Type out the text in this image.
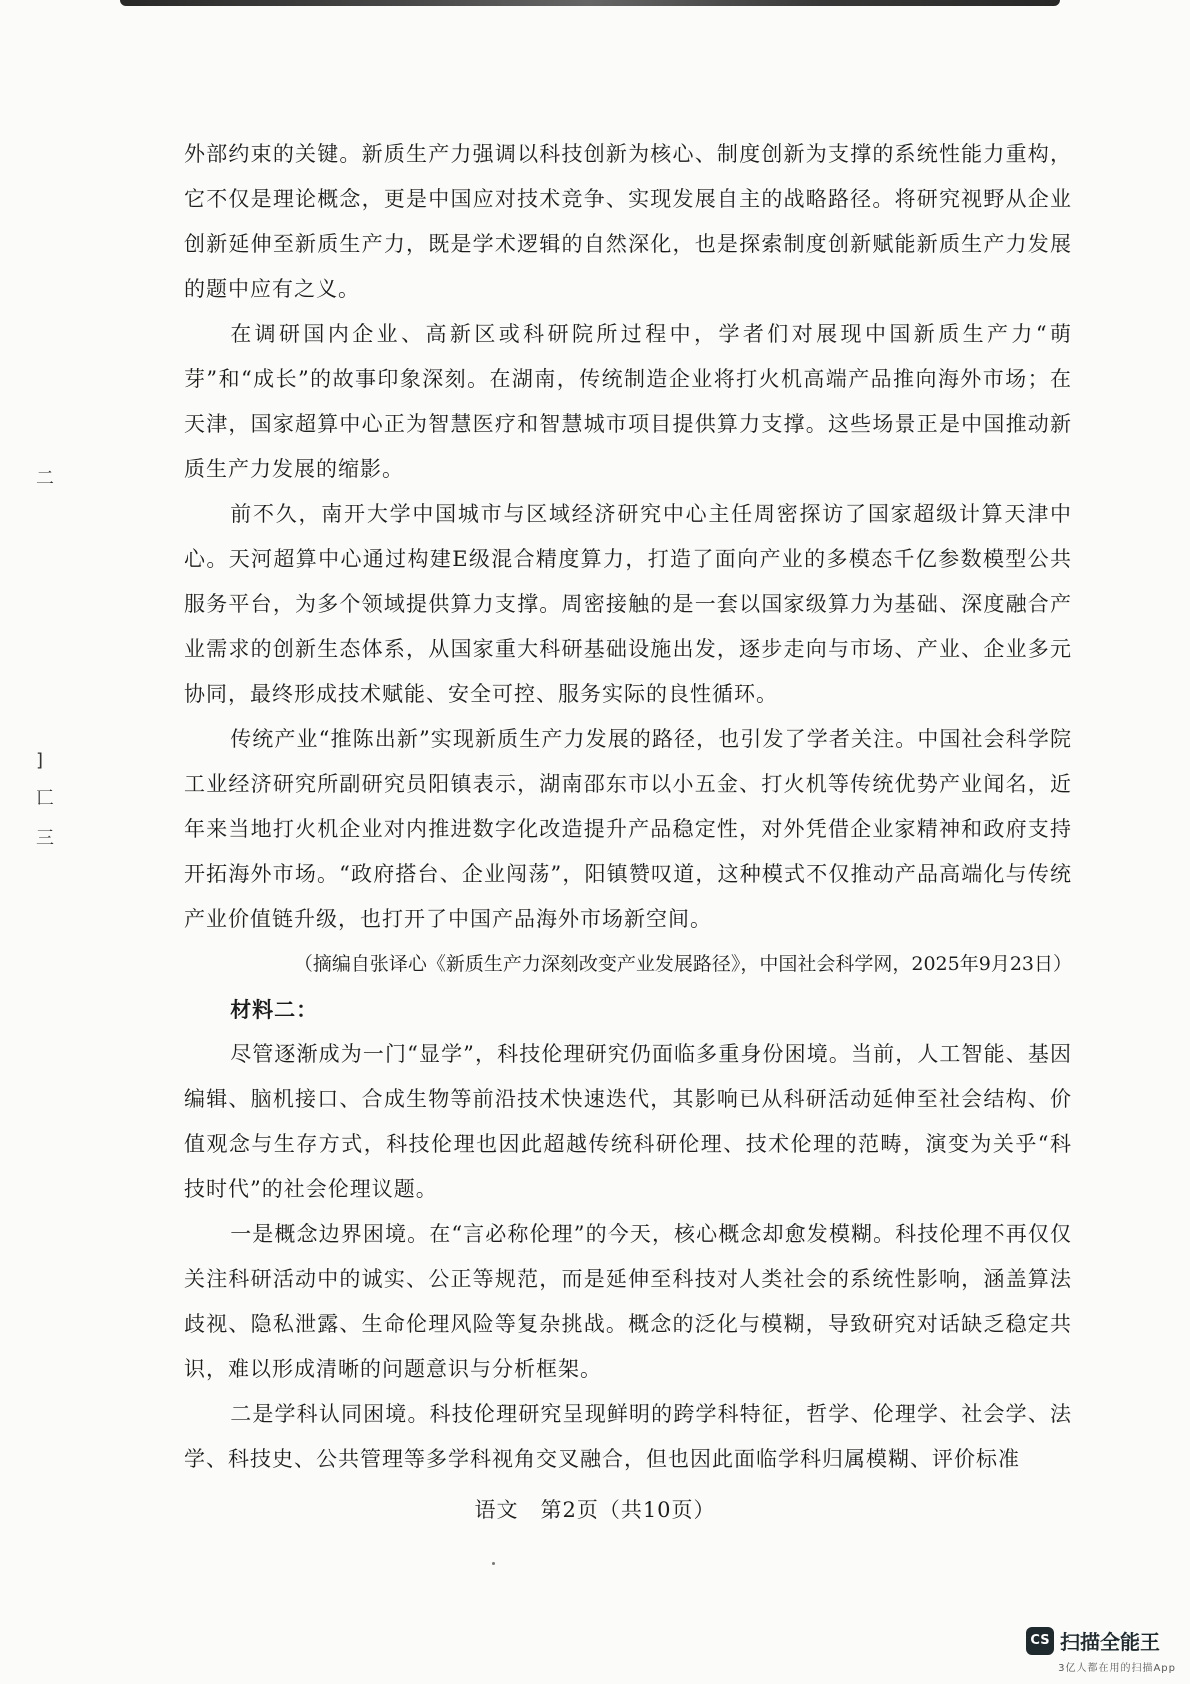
二
]
匸
三

外部约束的关键。新质生产力强调以科技创新为核心、制度创新为支撑的系统性能力重构，它不仅是理论概念，更是中国应对技术竞争、实现发展自主的战略路径。将研究视野从企业创新延伸至新质生产力，既是学术逻辑的自然深化，也是探索制度创新赋能新质生产力发展的题中应有之义。

在调研国内企业、高新区或科研院所过程中，学者们对展现中国新质生产力“萌芽”和“成长”的故事印象深刻。在湖南，传统制造企业将打火机高端产品推向海外市场；在天津，国家超算中心正为智慧医疗和智慧城市项目提供算力支撑。这些场景正是中国推动新质生产力发展的缩影。

前不久，南开大学中国城市与区域经济研究中心主任周密探访了国家超级计算天津中心。天河超算中心通过构建E级混合精度算力，打造了面向产业的多模态千亿参数模型公共服务平台，为多个领域提供算力支撑。周密接触的是一套以国家级算力为基础、深度融合产业需求的创新生态体系，从国家重大科研基础设施出发，逐步走向与市场、产业、企业多元协同，最终形成技术赋能、安全可控、服务实际的良性循环。

传统产业“推陈出新”实现新质生产力发展的路径，也引发了学者关注。中国社会科学院工业经济研究所副研究员阳镇表示，湖南邵东市以小五金、打火机等传统优势产业闻名，近年来当地打火机企业对内推进数字化改造提升产品稳定性，对外凭借企业家精神和政府支持开拓海外市场。“政府搭台、企业闯荡”，阳镇赞叹道，这种模式不仅推动产品高端化与传统产业价值链升级，也打开了中国产品海外市场新空间。

（摘编自张译心《新质生产力深刻改变产业发展路径》，中国社会科学网，2025年9月23日）

材料二：

尽管逐渐成为一门“显学”，科技伦理研究仍面临多重身份困境。当前，人工智能、基因编辑、脑机接口、合成生物等前沿技术快速迭代，其影响已从科研活动延伸至社会结构、价值观念与生存方式，科技伦理也因此超越传统科研伦理、技术伦理的范畴，演变为关乎“科技时代”的社会伦理议题。

一是概念边界困境。在“言必称伦理”的今天，核心概念却愈发模糊。科技伦理不再仅仅关注科研活动中的诚实、公正等规范，而是延伸至科技对人类社会的系统性影响，涵盖算法歧视、隐私泄露、生命伦理风险等复杂挑战。概念的泛化与模糊，导致研究对话缺乏稳定共识，难以形成清晰的问题意识与分析框架。

二是学科认同困境。科技伦理研究呈现鲜明的跨学科特征，哲学、伦理学、社会学、法学、科技史、公共管理等多学科视角交叉融合，但也因此面临学科归属模糊、评价标准

语文　第2页（共10页）
CS 扫描全能王
3亿人都在用的扫描App
